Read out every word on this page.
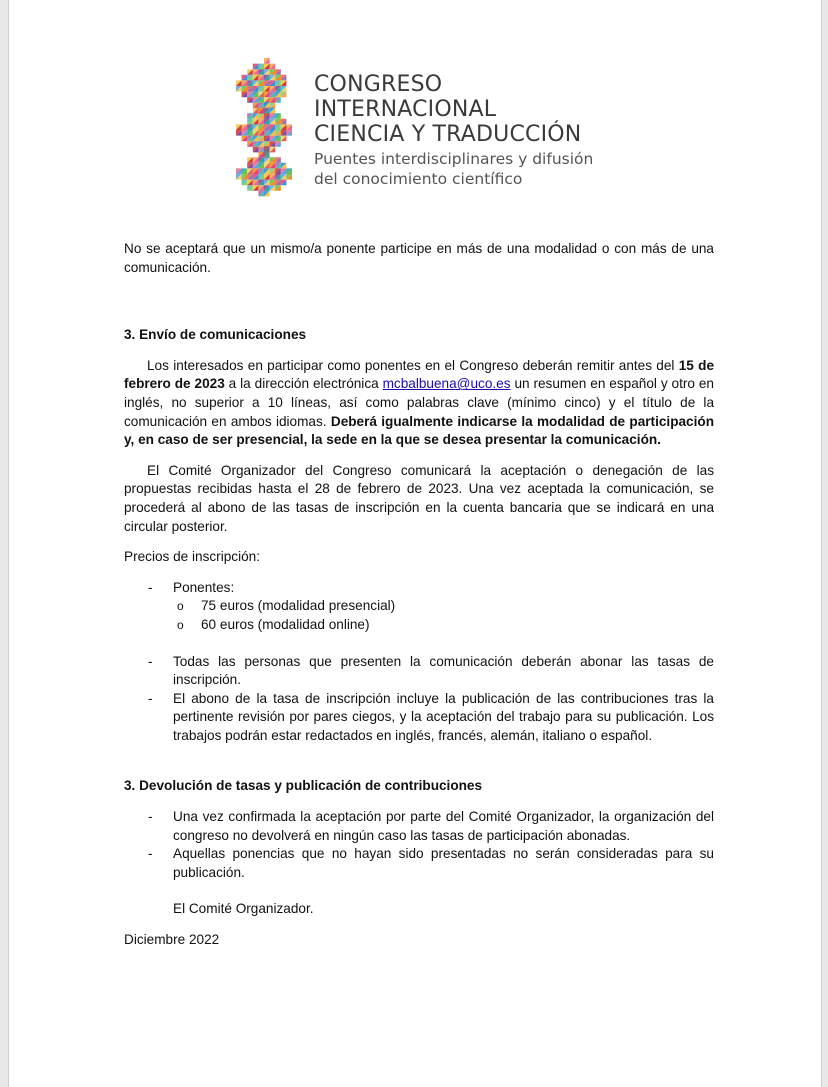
CONGRESO
INTERNACIONAL
CIENCIA Y TRADUCCIÓN
Puentes interdisciplinares y difusión
del conocimiento científico

No se aceptará que un mismo/a ponente participe en más de una modalidad o con más de una comunicación.

3. Envío de comunicaciones

Los interesados en participar como ponentes en el Congreso deberán remitir antes del 15 de febrero de 2023 a la dirección electrónica mcbalbuena@uco.es un resumen en español y otro en inglés, no superior a 10 líneas, así como palabras clave (mínimo cinco) y el título de la comunicación en ambos idiomas. Deberá igualmente indicarse la modalidad de participación y, en caso de ser presencial, la sede en la que se desea presentar la comunicación.

El Comité Organizador del Congreso comunicará la aceptación o denegación de las propuestas recibidas hasta el 28 de febrero de 2023. Una vez aceptada la comunicación, se procederá al abono de las tasas de inscripción en la cuenta bancaria que se indicará en una circular posterior.

Precios de inscripción:

- Ponentes:
o 75 euros (modalidad presencial)
o 60 euros (modalidad online)
- Todas las personas que presenten la comunicación deberán abonar las tasas de inscripción.
- El abono de la tasa de inscripción incluye la publicación de las contribuciones tras la pertinente revisión por pares ciegos, y la aceptación del trabajo para su publicación. Los trabajos podrán estar redactados en inglés, francés, alemán, italiano o español.

3. Devolución de tasas y publicación de contribuciones

- Una vez confirmada la aceptación por parte del Comité Organizador, la organización del congreso no devolverá en ningún caso las tasas de participación abonadas.
- Aquellas ponencias que no hayan sido presentadas no serán consideradas para su publicación.

El Comité Organizador.

Diciembre 2022
